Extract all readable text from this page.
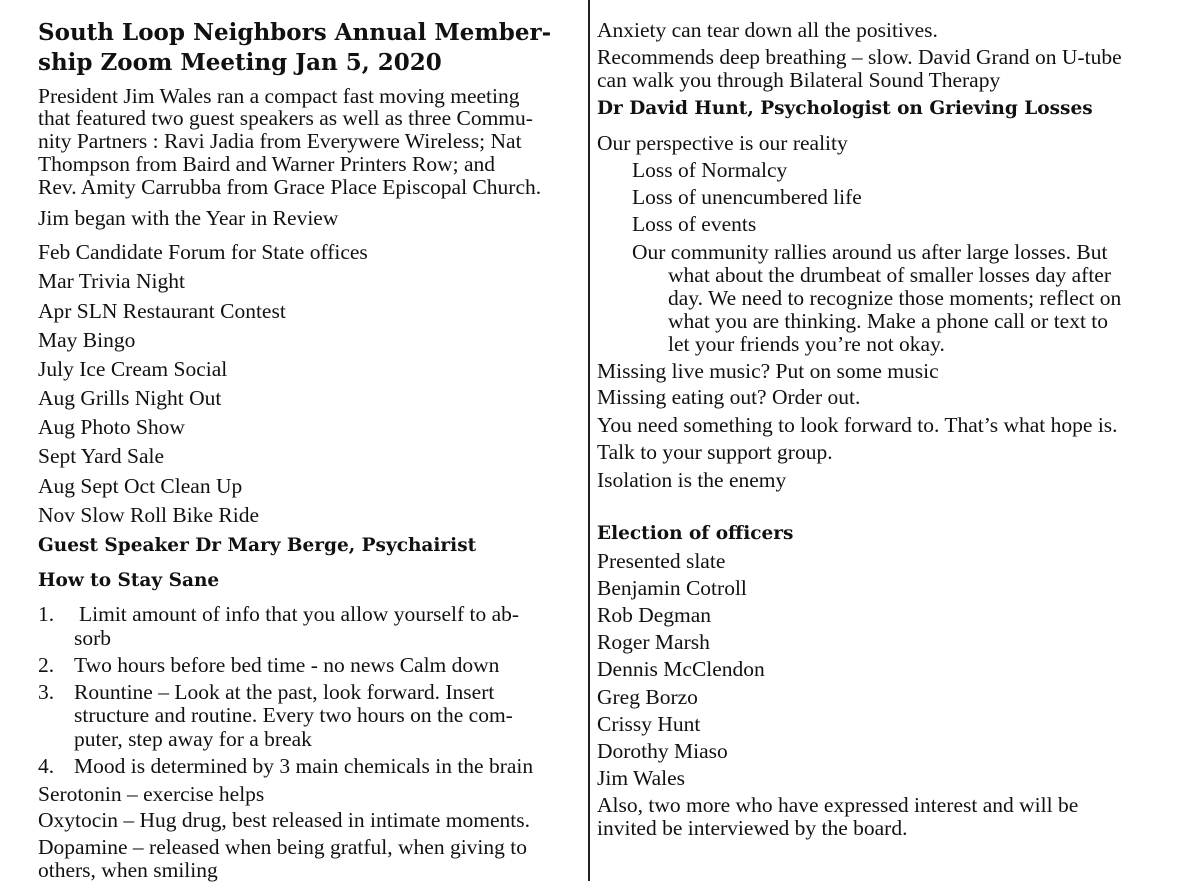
South Loop Neighbors Annual Member-
ship Zoom Meeting Jan 5, 2020
President Jim Wales ran a compact fast moving meeting
that featured two guest speakers as well as three Commu-
nity Partners : Ravi Jadia from Everywere Wireless; Nat
Thompson from Baird and Warner Printers Row; and
Rev. Amity Carrubba from Grace Place Episcopal Church.
Jim began with the Year in Review
Feb Candidate Forum for State offices
Mar Trivia Night
Apr SLN Restaurant Contest
May Bingo
July Ice Cream Social
Aug Grills Night Out
Aug Photo Show
Sept Yard Sale
Aug Sept Oct Clean Up
Nov Slow Roll Bike Ride
Guest Speaker Dr Mary Berge, Psychairist
How to Stay Sane
1. Limit amount of info that you allow yourself to ab-
sorb
2. Two hours before bed time - no news Calm down
3. Rountine – Look at the past, look forward. Insert
structure and routine. Every two hours on the com-
puter, step away for a break
4. Mood is determined by 3 main chemicals in the brain
Serotonin – exercise helps
Oxytocin – Hug drug, best released in intimate moments.
Dopamine – released when being gratful, when giving to
others, when smiling
Anxiety can tear down all the positives.
Recommends deep breathing – slow. David Grand on U-tube
can walk you through Bilateral Sound Therapy
Dr David Hunt, Psychologist on Grieving Losses
Our perspective is our reality
Loss of Normalcy
Loss of unencumbered life
Loss of events
Our community rallies around us after large losses. But
what about the drumbeat of smaller losses day after
day. We need to recognize those moments; reflect on
what you are thinking. Make a phone call or text to
let your friends you’re not okay.
Missing live music? Put on some music
Missing eating out? Order out.
You need something to look forward to. That’s what hope is.
Talk to your support group.
Isolation is the enemy
Election of officers
Presented slate
Benjamin Cotroll
Rob Degman
Roger Marsh
Dennis McClendon
Greg Borzo
Crissy Hunt
Dorothy Miaso
Jim Wales
Also, two more who have expressed interest and will be
invited be interviewed by the board.
